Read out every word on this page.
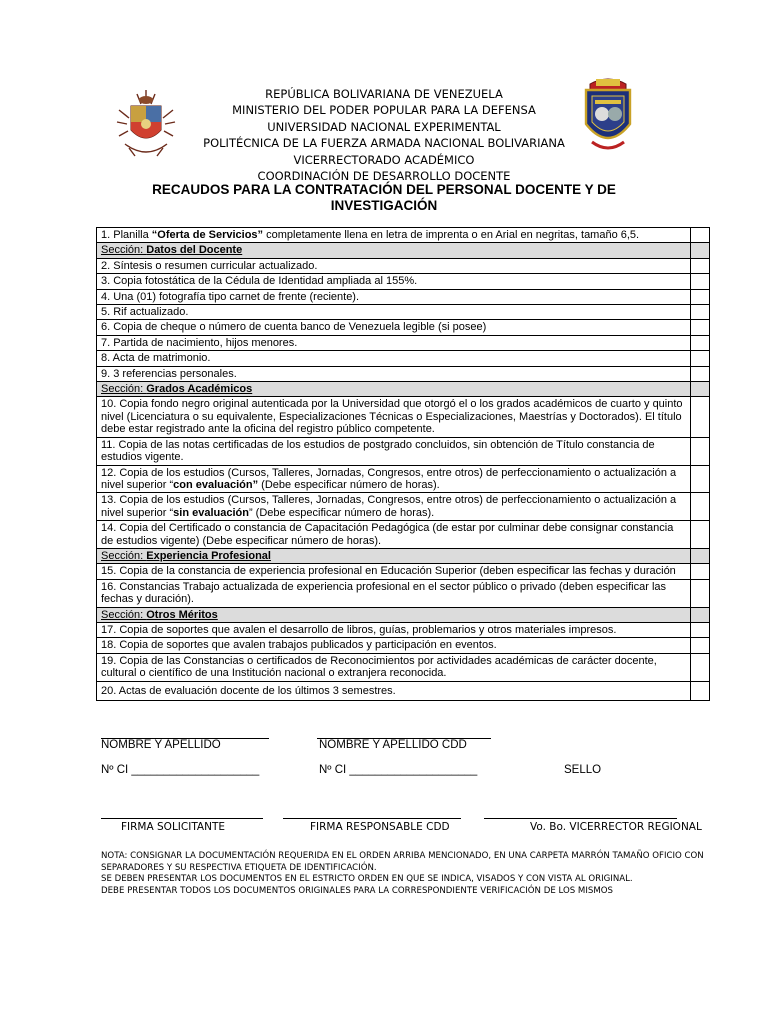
REPÚBLICA BOLIVARIANA DE VENEZUELA
MINISTERIO DEL PODER POPULAR PARA LA DEFENSA
UNIVERSIDAD NACIONAL EXPERIMENTAL
POLITÉCNICA DE LA FUERZA ARMADA NACIONAL BOLIVARIANA
VICERRECTORADO ACADÉMICO
COORDINACIÓN DE DESARROLLO DOCENTE
RECAUDOS PARA LA CONTRATACIÓN DEL PERSONAL DOCENTE Y DE
INVESTIGACIÓN
1. Planilla “Oferta de Servicios” completamente llena en letra de imprenta o en Arial en negritas, tamaño 6,5.	
Sección: Datos del Docente	
2. Síntesis o resumen curricular actualizado.	
3. Copia fotostática de la Cédula de Identidad ampliada al 155%.	
4. Una (01) fotografía tipo carnet de frente (reciente).	
5. Rif actualizado.	
6. Copia de cheque o número de cuenta banco de Venezuela legible (si posee)	
7. Partida de nacimiento, hijos menores.	
8. Acta de matrimonio.	
9. 3 referencias personales.	
Sección: Grados Académicos	
10. Copia fondo negro original autenticada por la Universidad que otorgó el o los grados académicos de cuarto y quinto nivel (Licenciatura o su equivalente, Especializaciones Técnicas o Especializaciones, Maestrías y Doctorados). El título debe estar registrado ante la oficina del registro público competente.	
11. Copia de las notas certificadas de los estudios de postgrado concluidos, sin obtención de Título constancia de estudios vigente.	
12. Copia de los estudios (Cursos, Talleres, Jornadas, Congresos, entre otros) de perfeccionamiento o actualización a nivel superior “con evaluación” (Debe especificar número de horas).	
13. Copia de los estudios (Cursos, Talleres, Jornadas, Congresos, entre otros) de perfeccionamiento o actualización a nivel superior “sin evaluación” (Debe especificar número de horas).	
14. Copia del Certificado o constancia de Capacitación Pedagógica (de estar por culminar debe consignar constancia de estudios vigente) (Debe especificar número de horas).	
Sección: Experiencia Profesional	
15. Copia de la constancia de experiencia profesional en Educación Superior (deben especificar las fechas y duración	
16. Constancias Trabajo actualizada de experiencia profesional en el sector público o privado (deben especificar las fechas y duración).	
Sección: Otros Méritos	
17. Copia de soportes que avalen el desarrollo de libros, guías, problemarios y otros materiales impresos.	
18. Copia de soportes que avalen trabajos publicados y participación en eventos.	
19. Copia de las Constancias o certificados de Reconocimientos por actividades académicas de carácter docente, cultural o científico de una Institución nacional o extranjera reconocida.	
20. Actas de evaluación docente de los últimos 3 semestres.	
NOMBRE Y APELLIDO	NOMBRE Y APELLIDO CDD
Nº CI ____________________	Nº CI ____________________	SELLO
FIRMA SOLICITANTE	FIRMA RESPONSABLE CDD	Vo. Bo. VICERRECTOR REGIONAL
NOTA: CONSIGNAR LA DOCUMENTACIÓN REQUERIDA EN EL ORDEN ARRIBA MENCIONADO, EN UNA CARPETA MARRÓN TAMAÑO OFICIO CON SEPARADORES Y SU RESPECTIVA ETIQUETA DE IDENTIFICACIÓN.
SE DEBEN PRESENTAR LOS DOCUMENTOS EN EL ESTRICTO ORDEN EN QUE SE INDICA, VISADOS Y CON VISTA AL ORIGINAL.
DEBE PRESENTAR TODOS LOS DOCUMENTOS ORIGINALES PARA LA CORRESPONDIENTE VERIFICACIÓN DE LOS MISMOS
